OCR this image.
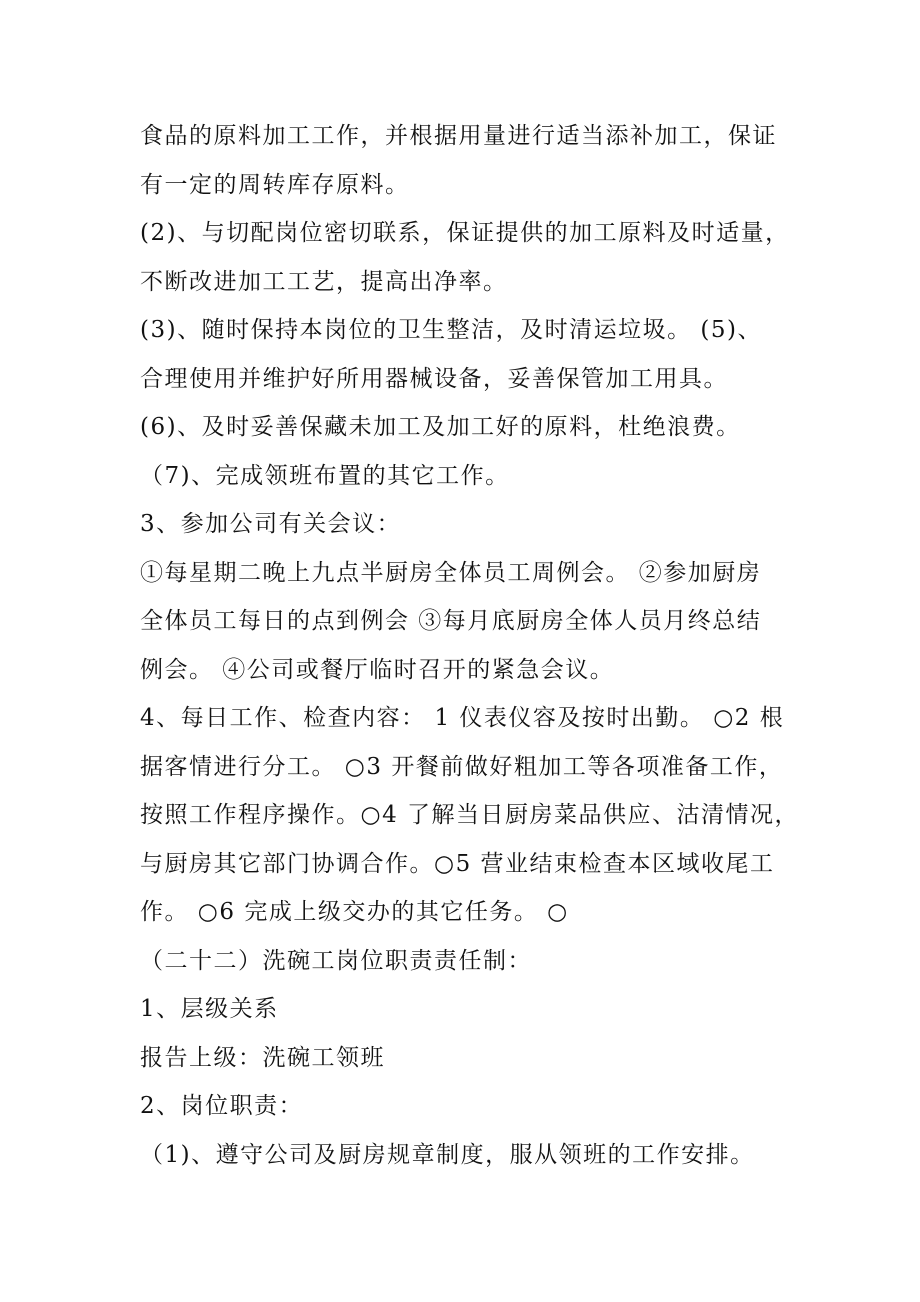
食品的原料加工工作，并根据用量进行适当添补加工，保证
有一定的周转库存原料。
(2)、与切配岗位密切联系，保证提供的加工原料及时适量，
不断改进加工工艺，提高出净率。
(3)、随时保持本岗位的卫生整洁，及时清运垃圾。 (5)、
合理使用并维护好所用器械设备，妥善保管加工用具。
(6)、及时妥善保藏未加工及加工好的原料，杜绝浪费。
（7)、完成领班布置的其它工作。
3、参加公司有关会议：
①每星期二晚上九点半厨房全体员工周例会。 ②参加厨房
全体员工每日的点到例会 ③每月底厨房全体人员月终总结
例会。 ④公司或餐厅临时召开的紧急会议。
4、每日工作、检查内容： 1 仪表仪容及按时出勤。 ○2 根
据客情进行分工。 ○3 开餐前做好粗加工等各项准备工作，
按照工作程序操作。○4 了解当日厨房菜品供应、沽清情况，
与厨房其它部门协调合作。○5 营业结束检查本区域收尾工
作。 ○6 完成上级交办的其它任务。 ○
（二十二）洗碗工岗位职责责任制：
1、层级关系
报告上级：洗碗工领班
2、岗位职责：
（1)、遵守公司及厨房规章制度，服从领班的工作安排。
